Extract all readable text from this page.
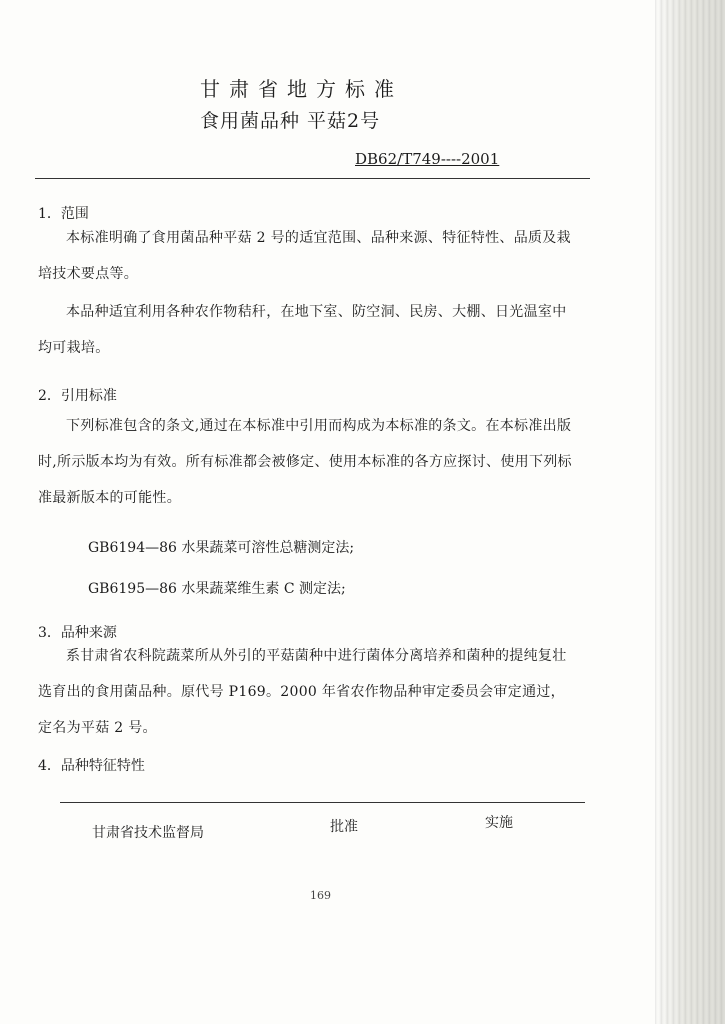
甘肃省地方标准
食用菌品种 平菇2号
DB62/T749----2001
1．范围
本标准明确了食用菌品种平菇 2 号的适宜范围、品种来源、特征特性、品质及栽培技术要点等。
本品种适宜利用各种农作物秸秆，在地下室、防空洞、民房、大棚、日光温室中均可栽培。
2．引用标准
下列标准包含的条文,通过在本标准中引用而构成为本标准的条文。在本标准出版时,所示版本均为有效。所有标准都会被修定、使用本标准的各方应探讨、使用下列标准最新版本的可能性。
GB6194—86 水果蔬菜可溶性总糖测定法;
GB6195—86 水果蔬菜维生素 C 测定法;
3．品种来源
系甘肃省农科院蔬菜所从外引的平菇菌种中进行菌体分离培养和菌种的提纯复壮选育出的食用菌品种。原代号 P169。2000 年省农作物品种审定委员会审定通过，定名为平菇 2 号。
4．品种特征特性
甘肃省技术监督局	批准	实施
169
